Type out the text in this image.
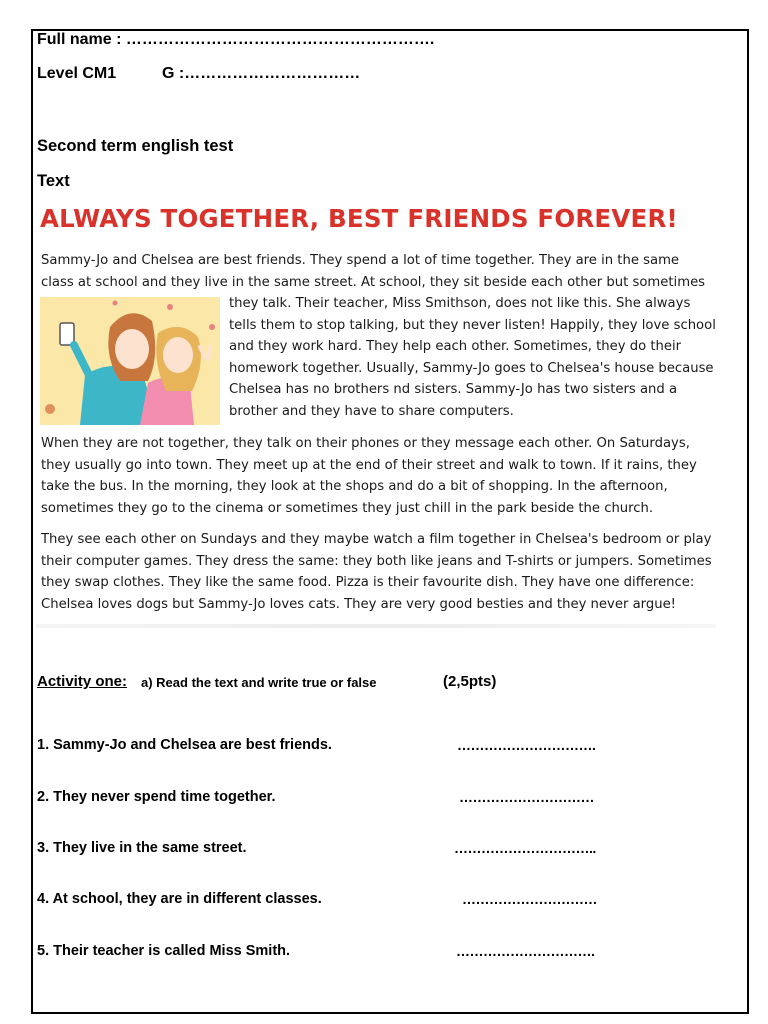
Full name : ………………………………………………….
Level CM1	G :……………………………
Second term english test
Text
ALWAYS TOGETHER, BEST FRIENDS FOREVER!
Sammy-Jo and Chelsea are best friends. They spend a lot of time together. They are in the same
class at school and they live in the same street. At school, they sit beside each other but sometimes
they talk. Their teacher, Miss Smithson, does not like this. She always
tells them to stop talking, but they never listen! Happily, they love school
and they work hard. They help each other. Sometimes, they do their
homework together. Usually, Sammy-Jo goes to Chelsea's house because
Chelsea has no brothers nd sisters. Sammy-Jo has two sisters and a
brother and they have to share computers.
When they are not together, they talk on their phones or they message each other. On Saturdays,
they usually go into town. They meet up at the end of their street and walk to town. If it rains, they
take the bus. In the morning, they look at the shops and do a bit of shopping. In the afternoon,
sometimes they go to the cinema or sometimes they just chill in the park beside the church.
They see each other on Sundays and they maybe watch a film together in Chelsea's bedroom or play
their computer games. They dress the same: they both like jeans and T-shirts or jumpers. Sometimes
they swap clothes. They like the same food. Pizza is their favourite dish. They have one difference:
Chelsea loves dogs but Sammy-Jo loves cats. They are very good besties and they never argue!
Activity one: a) Read the text and write true or false	(2,5pts)
1. Sammy-Jo and Chelsea are best friends.	………………………….
2. They never spend time together.	…………………………
3. They live in the same street.	…………………………..
4. At school, they are in different classes.	…………………………
5. Their teacher is called Miss Smith.	………………………….
